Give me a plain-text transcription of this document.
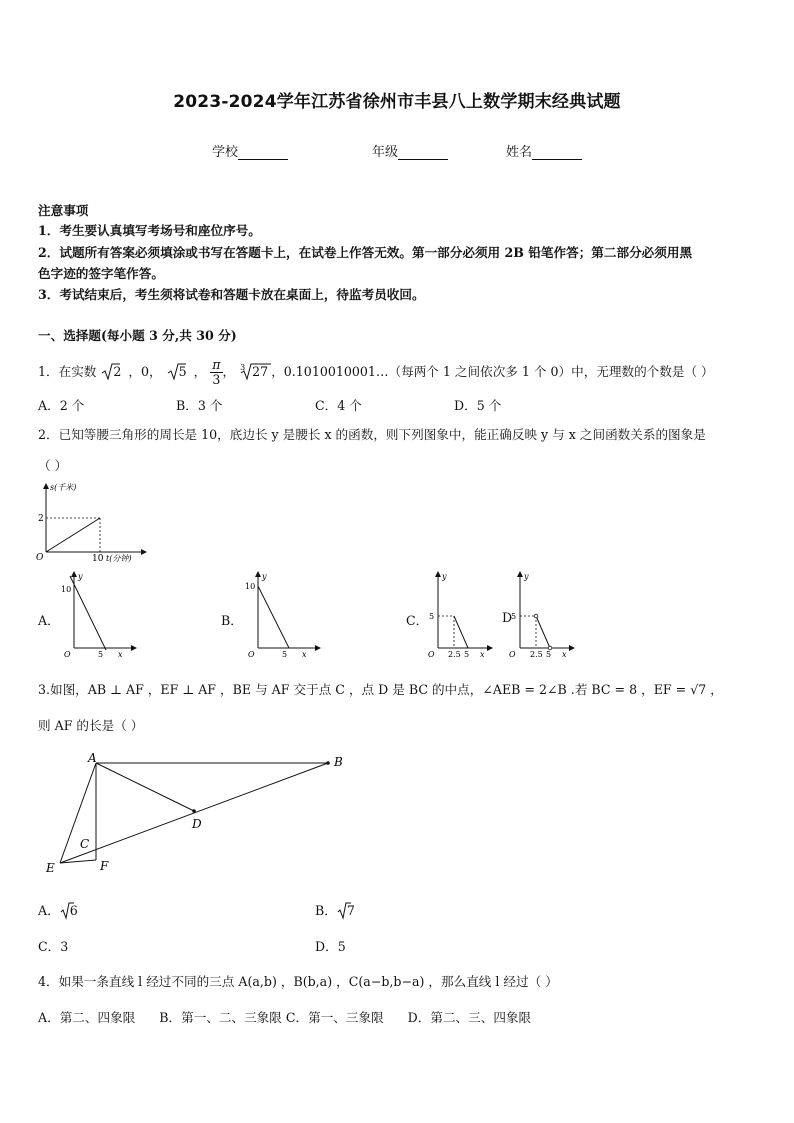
2023-2024学年江苏省徐州市丰县八上数学期末经典试题
学校	年级	姓名
注意事项
1．考生要认真填写考场号和座位序号。
2．试题所有答案必须填涂或书写在答题卡上，在试卷上作答无效。第一部分必须用 2B 铅笔作答；第二部分必须用黑
色字迹的签字笔作答。
3．考试结束后，考生须将试卷和答题卡放在桌面上，待监考员收回。
一、选择题(每小题 3 分,共 30 分)
1．在实数 2 ，0， 5 ， $\frac{\pi}{3}$ ， 3 27 ，0.1010010001…（每两个 1 之间依次多 1 个 0）中，无理数的个数是（ ）
A．2 个	B．3 个	C．4 个	D．5 个
2．已知等腰三角形的周长是 10，底边长 y 是腰长 x 的函数，则下列图象中，能正确反映 y 与 x 之间函数关系的图象是
（ ）
s(千米)
2
O	10 t(分钟)
A．
y
10
O	5 x
B．
y
10
O	5 x
C．
y
5
O 2.5 5 x
D
y
5
O 2.5 5 x
3.如图，AB ⊥ AF ，EF ⊥ AF ，BE 与 AF 交于点 C ，点 D 是 BC 的中点，∠AEB = 2∠B .若 BC = 8 ，EF = √7 ，
则 AF 的长是（ ）
A	B
C
D
E	F
A． 6	B． 7
C．3	D．5
4．如果一条直线 l 经过不同的三点 A(a,b) ，B(b,a) ，C(a−b,b−a) ，那么直线 l 经过（ ）
A．第二、四象限      B．第一、二、三象限 C．第一、三象限      D．第二、三、四象限
